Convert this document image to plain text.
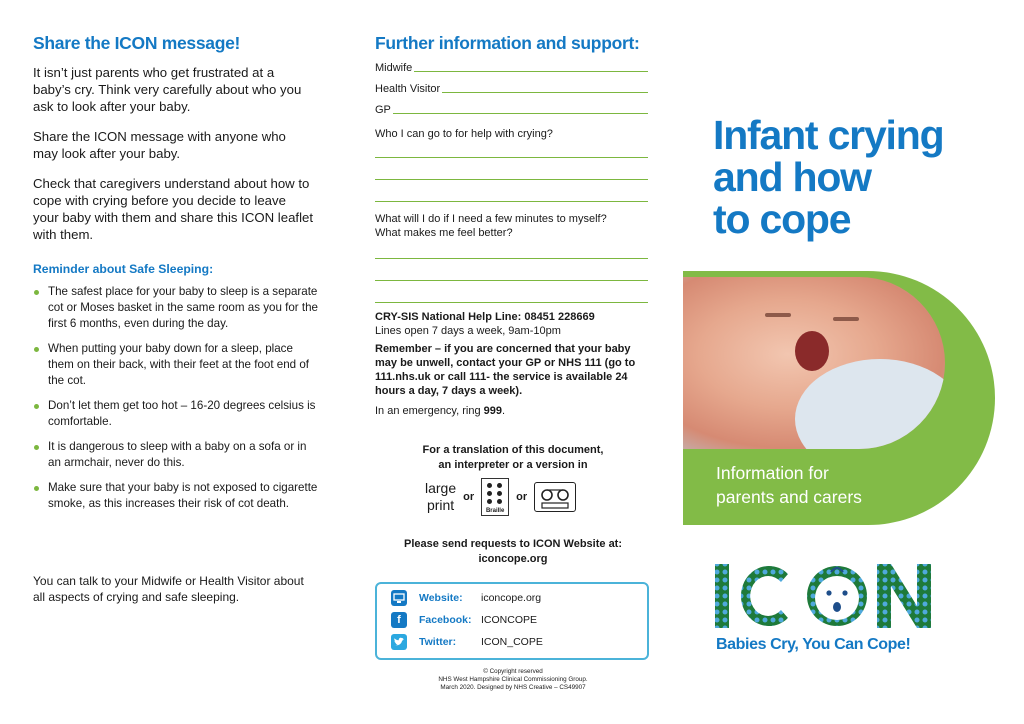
Share the ICON message!

It isn’t just parents who get frustrated at a baby’s cry. Think very carefully about who you ask to look after your baby.

Share the ICON message with anyone who may look after your baby.

Check that caregivers understand about how to cope with crying before you decide to leave your baby with them and share this ICON leaflet with them.

Reminder about Safe Sleeping:
The safest place for your baby to sleep is a separate cot or Moses basket in the same room as you for the first 6 months, even during the day.
When putting your baby down for a sleep, place them on their back, with their feet at the foot end of the cot.
Don’t let them get too hot – 16-20 degrees celsius is comfortable.
It is dangerous to sleep with a baby on a sofa or in an armchair, never do this.
Make sure that your baby is not exposed to cigarette smoke, as this increases their risk of cot death.

You can talk to your Midwife or Health Visitor about all aspects of crying and safe sleeping.

Further information and support:
Midwife
Health Visitor
GP
Who I can go to for help with crying?
What will I do if I need a few minutes to myself?
What makes me feel better?
CRY-SIS National Help Line: 08451 228669
Lines open 7 days a week, 9am-10pm
Remember – if you are concerned that your baby may be unwell, contact your GP or NHS 111 (go to 111.nhs.uk or call 111- the service is available 24 hours a day, 7 days a week).
In an emergency, ring 999.
For a translation of this document,
an interpreter or a version in
large
print or
Braille
or
Please send requests to ICON Website at:
iconcope.org
Website:	iconcope.org
f	Facebook: ICONCOPE
Twitter:	ICON_COPE
© Copyright reserved
NHS West Hampshire Clinical Commissioning Group.
March 2020. Designed by NHS Creative – CS49907
Infant crying
and how
to cope
Information for
parents and carers
Babies Cry, You Can Cope!
